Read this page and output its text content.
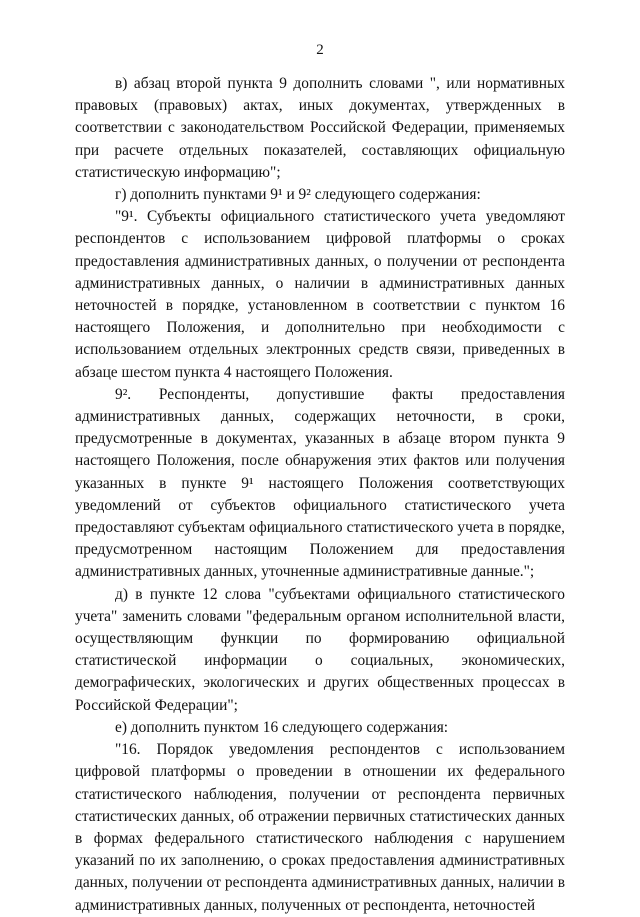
2

в) абзац второй пункта 9 дополнить словами ", или нормативных правовых (правовых) актах, иных документах, утвержденных в соответствии с законодательством Российской Федерации, применяемых при расчете отдельных показателей, составляющих официальную статистическую информацию";

г) дополнить пунктами 9¹ и 9² следующего содержания:

"9¹. Субъекты официального статистического учета уведомляют респондентов с использованием цифровой платформы о сроках предоставления административных данных, о получении от респондента административных данных, о наличии в административных данных неточностей в порядке, установленном в соответствии с пунктом 16 настоящего Положения, и дополнительно при необходимости с использованием отдельных электронных средств связи, приведенных в абзаце шестом пункта 4 настоящего Положения.

9². Респонденты, допустившие факты предоставления административных данных, содержащих неточности, в сроки, предусмотренные в документах, указанных в абзаце втором пункта 9 настоящего Положения, после обнаружения этих фактов или получения указанных в пункте 9¹ настоящего Положения соответствующих уведомлений от субъектов официального статистического учета предоставляют субъектам официального статистического учета в порядке, предусмотренном настоящим Положением для предоставления административных данных, уточненные административные данные.";

д) в пункте 12 слова "субъектами официального статистического учета" заменить словами "федеральным органом исполнительной власти, осуществляющим функции по формированию официальной статистической информации о социальных, экономических, демографических, экологических и других общественных процессах в Российской Федерации";

е) дополнить пунктом 16 следующего содержания:

"16. Порядок уведомления респондентов с использованием цифровой платформы о проведении в отношении их федерального статистического наблюдения, получении от респондента первичных статистических данных, об отражении первичных статистических данных в формах федерального статистического наблюдения с нарушением указаний по их заполнению, о сроках предоставления административных данных, получении от респондента административных данных, наличии в административных данных, полученных от респондента, неточностей
